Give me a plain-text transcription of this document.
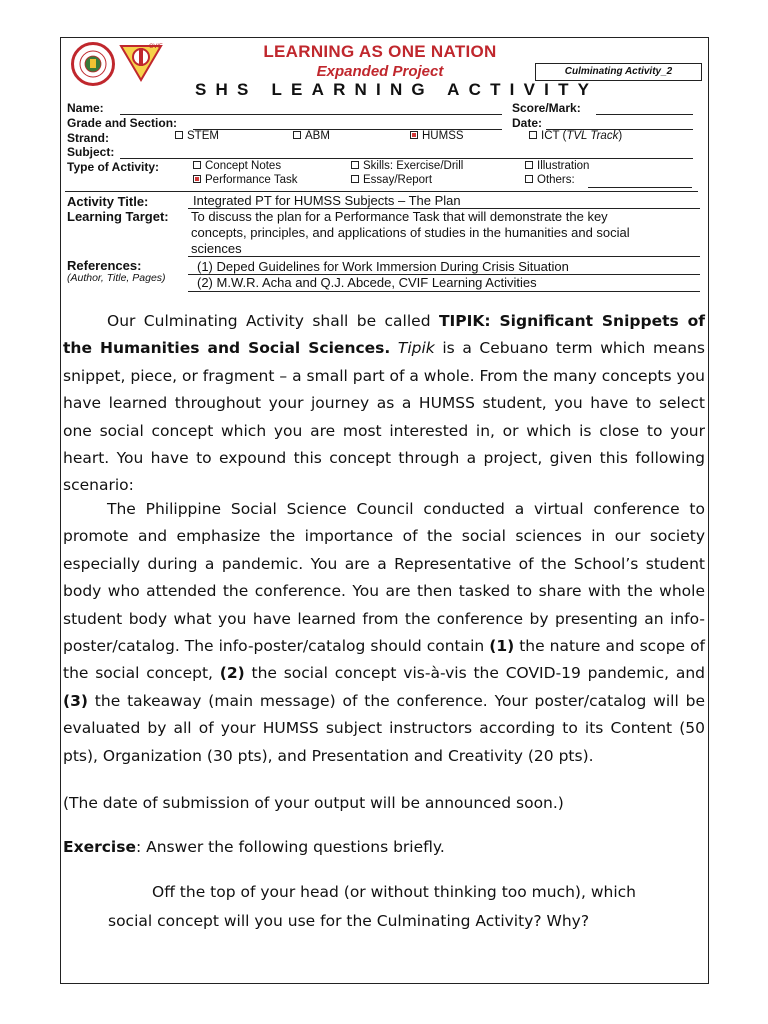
CVIF	LEARNING AS ONE NATION
Expanded Project	Culminating Activity_2
SHS LEARNING ACTIVITY
Name:	Score/Mark:
Grade and Section:	Date:
Strand:	STEM	ABM	HUMSS	ICT (TVL Track)
Subject:
Type of Activity:	Concept Notes	Skills: Exercise/Drill	Illustration
Performance Task	Essay/Report	Others:
Activity Title:	Integrated PT for HUMSS Subjects – The Plan
Learning Target: To discuss the plan for a Performance Task that will demonstrate the key
concepts, principles, and applications of studies in the humanities and social
sciences
References:
(Author, Title, Pages)
(1) Deped Guidelines for Work Immersion During Crisis Situation
(2) M.W.R. Acha and Q.J. Abcede, CVIF Learning Activities

Our Culminating Activity shall be called TIPIK: Significant Snippets of the Humanities and Social Sciences. Tipik is a Cebuano term which means snippet, piece, or fragment – a small part of a whole. From the many concepts you have learned throughout your journey as a HUMSS student, you have to select one social concept which you are most interested in, or which is close to your heart. You have to expound this concept through a project, given this following scenario:

The Philippine Social Science Council conducted a virtual conference to promote and emphasize the importance of the social sciences in our society especially during a pandemic. You are a Representative of the School’s student body who attended the conference. You are then tasked to share with the whole student body what you have learned from the conference by presenting an info-poster/catalog. The info-poster/catalog should contain (1) the nature and scope of the social concept, (2) the social concept vis-à-vis the COVID-19 pandemic, and (3) the takeaway (main message) of the conference. Your poster/catalog will be evaluated by all of your HUMSS subject instructors according to its Content (50 pts), Organization (30 pts), and Presentation and Creativity (20 pts).

(The date of submission of your output will be announced soon.)
Exercise: Answer the following questions briefly.
Off the top of your head (or without thinking too much), which
social concept will you use for the Culminating Activity? Why?
